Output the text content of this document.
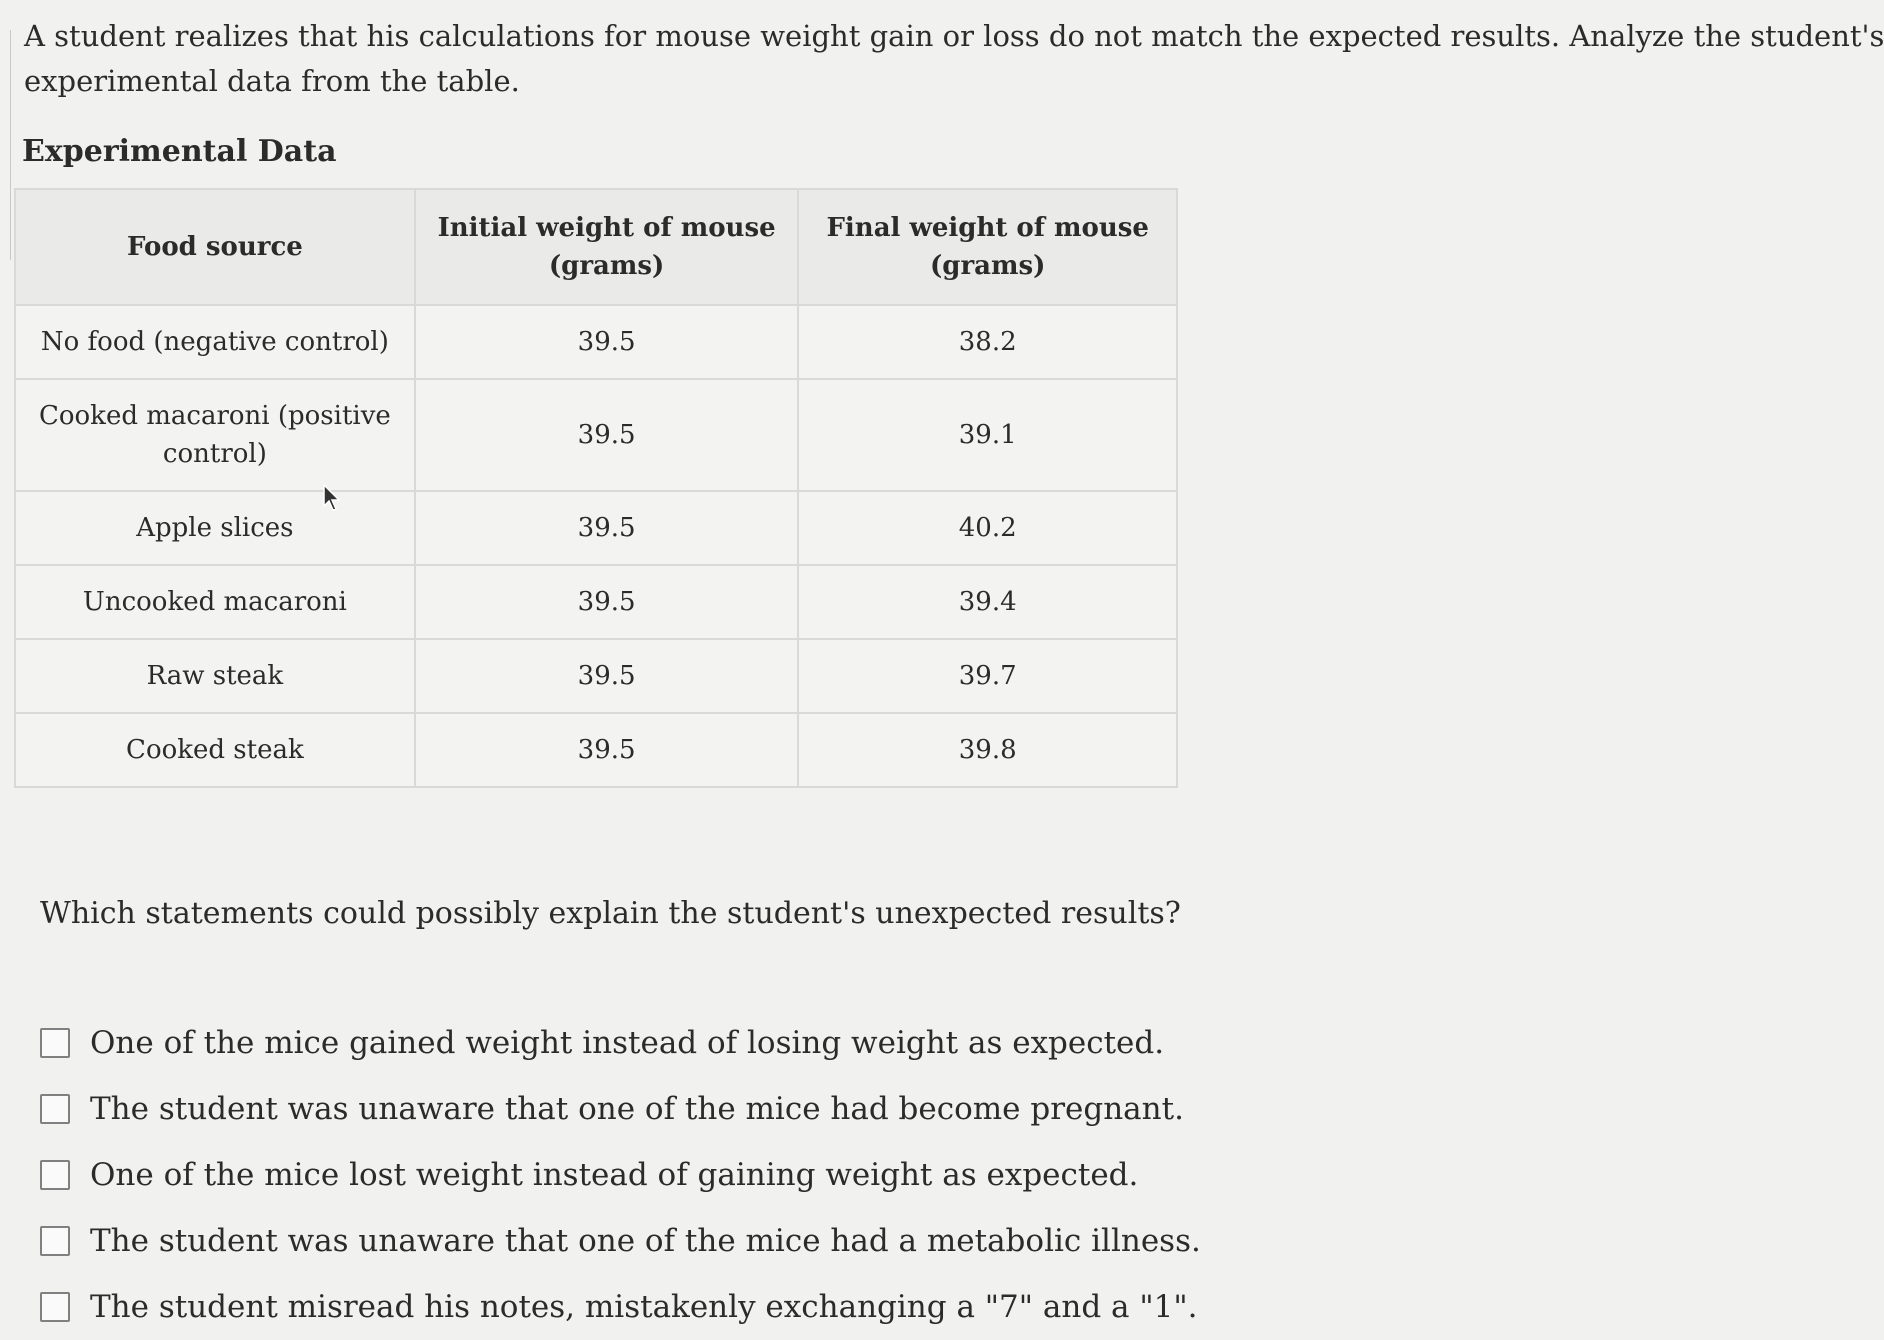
A student realizes that his calculations for mouse weight gain or loss do not match the expected results. Analyze the student's
experimental data from the table.
Experimental Data
Food source	Initial weight of mouse (grams)	Final weight of mouse (grams)
No food (negative control)	39.5	38.2
Cooked macaroni (positive control)	39.5	39.1
Apple slices	39.5	40.2
Uncooked macaroni	39.5	39.4
Raw steak	39.5	39.7
Cooked steak	39.5	39.8
Which statements could possibly explain the student's unexpected results?
One of the mice gained weight instead of losing weight as expected.
The student was unaware that one of the mice had become pregnant.
One of the mice lost weight instead of gaining weight as expected.
The student was unaware that one of the mice had a metabolic illness.
The student misread his notes, mistakenly exchanging a "7" and a "1".
